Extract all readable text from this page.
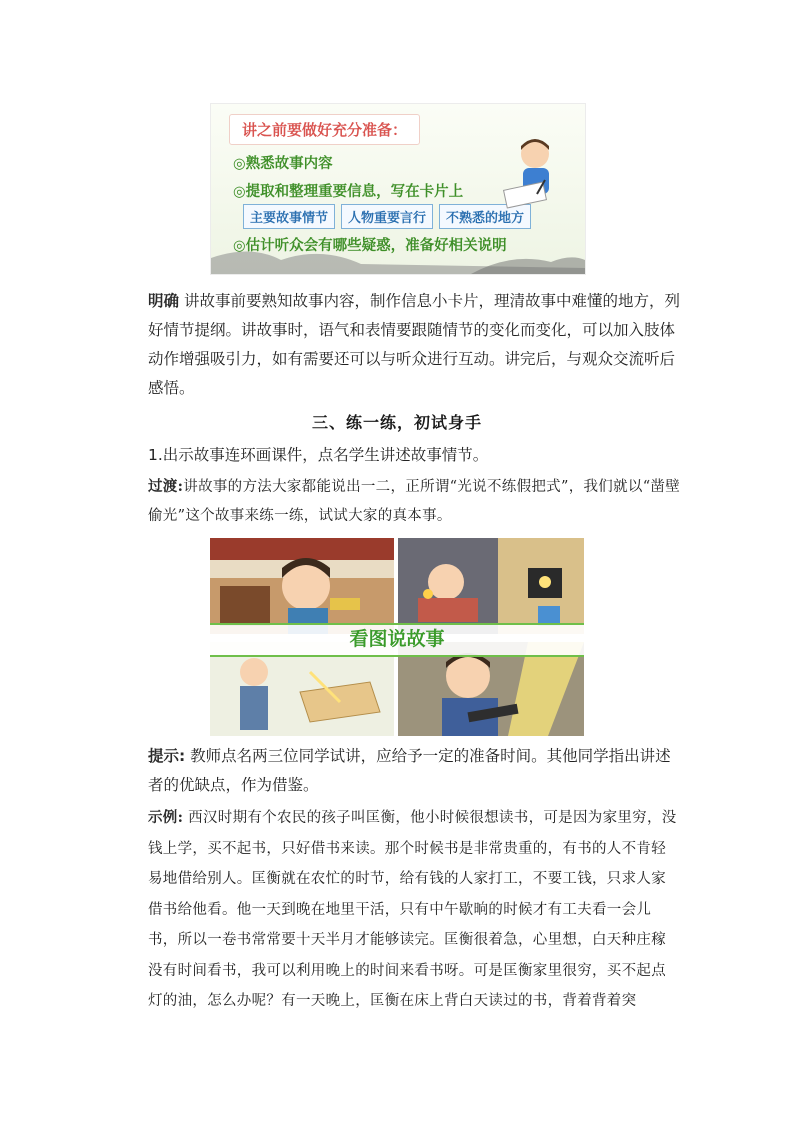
讲之前要做好充分准备：
◎熟悉故事内容
◎提取和整理重要信息，写在卡片上
主要故事情节	人物重要言行	不熟悉的地方
◎估计听众会有哪些疑惑，准备好相关说明
明确 讲故事前要熟知故事内容，制作信息小卡片，理清故事中难懂的地方，列好情节提纲。讲故事时，语气和表情要跟随情节的变化而变化，可以加入肢体动作增强吸引力，如有需要还可以与听众进行互动。讲完后，与观众交流听后感悟。
三、练一练，初试身手
1.出示故事连环画课件，点名学生讲述故事情节。
过渡:讲故事的方法大家都能说出一二，正所谓“光说不练假把式”，我们就以“凿壁偷光”这个故事来练一练，试试大家的真本事。
看图说故事
提示: 教师点名两三位同学试讲，应给予一定的准备时间。其他同学指出讲述者的优缺点，作为借鉴。
示例: 西汉时期有个农民的孩子叫匡衡，他小时候很想读书，可是因为家里穷，没钱上学，买不起书，只好借书来读。那个时候书是非常贵重的，有书的人不肯轻易地借给别人。匡衡就在农忙的时节，给有钱的人家打工，不要工钱，只求人家借书给他看。他一天到晚在地里干活，只有中午歇晌的时候才有工夫看一会儿书，所以一卷书常常要十天半月才能够读完。匡衡很着急，心里想，白天种庄稼没有时间看书，我可以利用晚上的时间来看书呀。可是匡衡家里很穷，买不起点灯的油，怎么办呢？有一天晚上，匡衡在床上背白天读过的书，背着背着突
